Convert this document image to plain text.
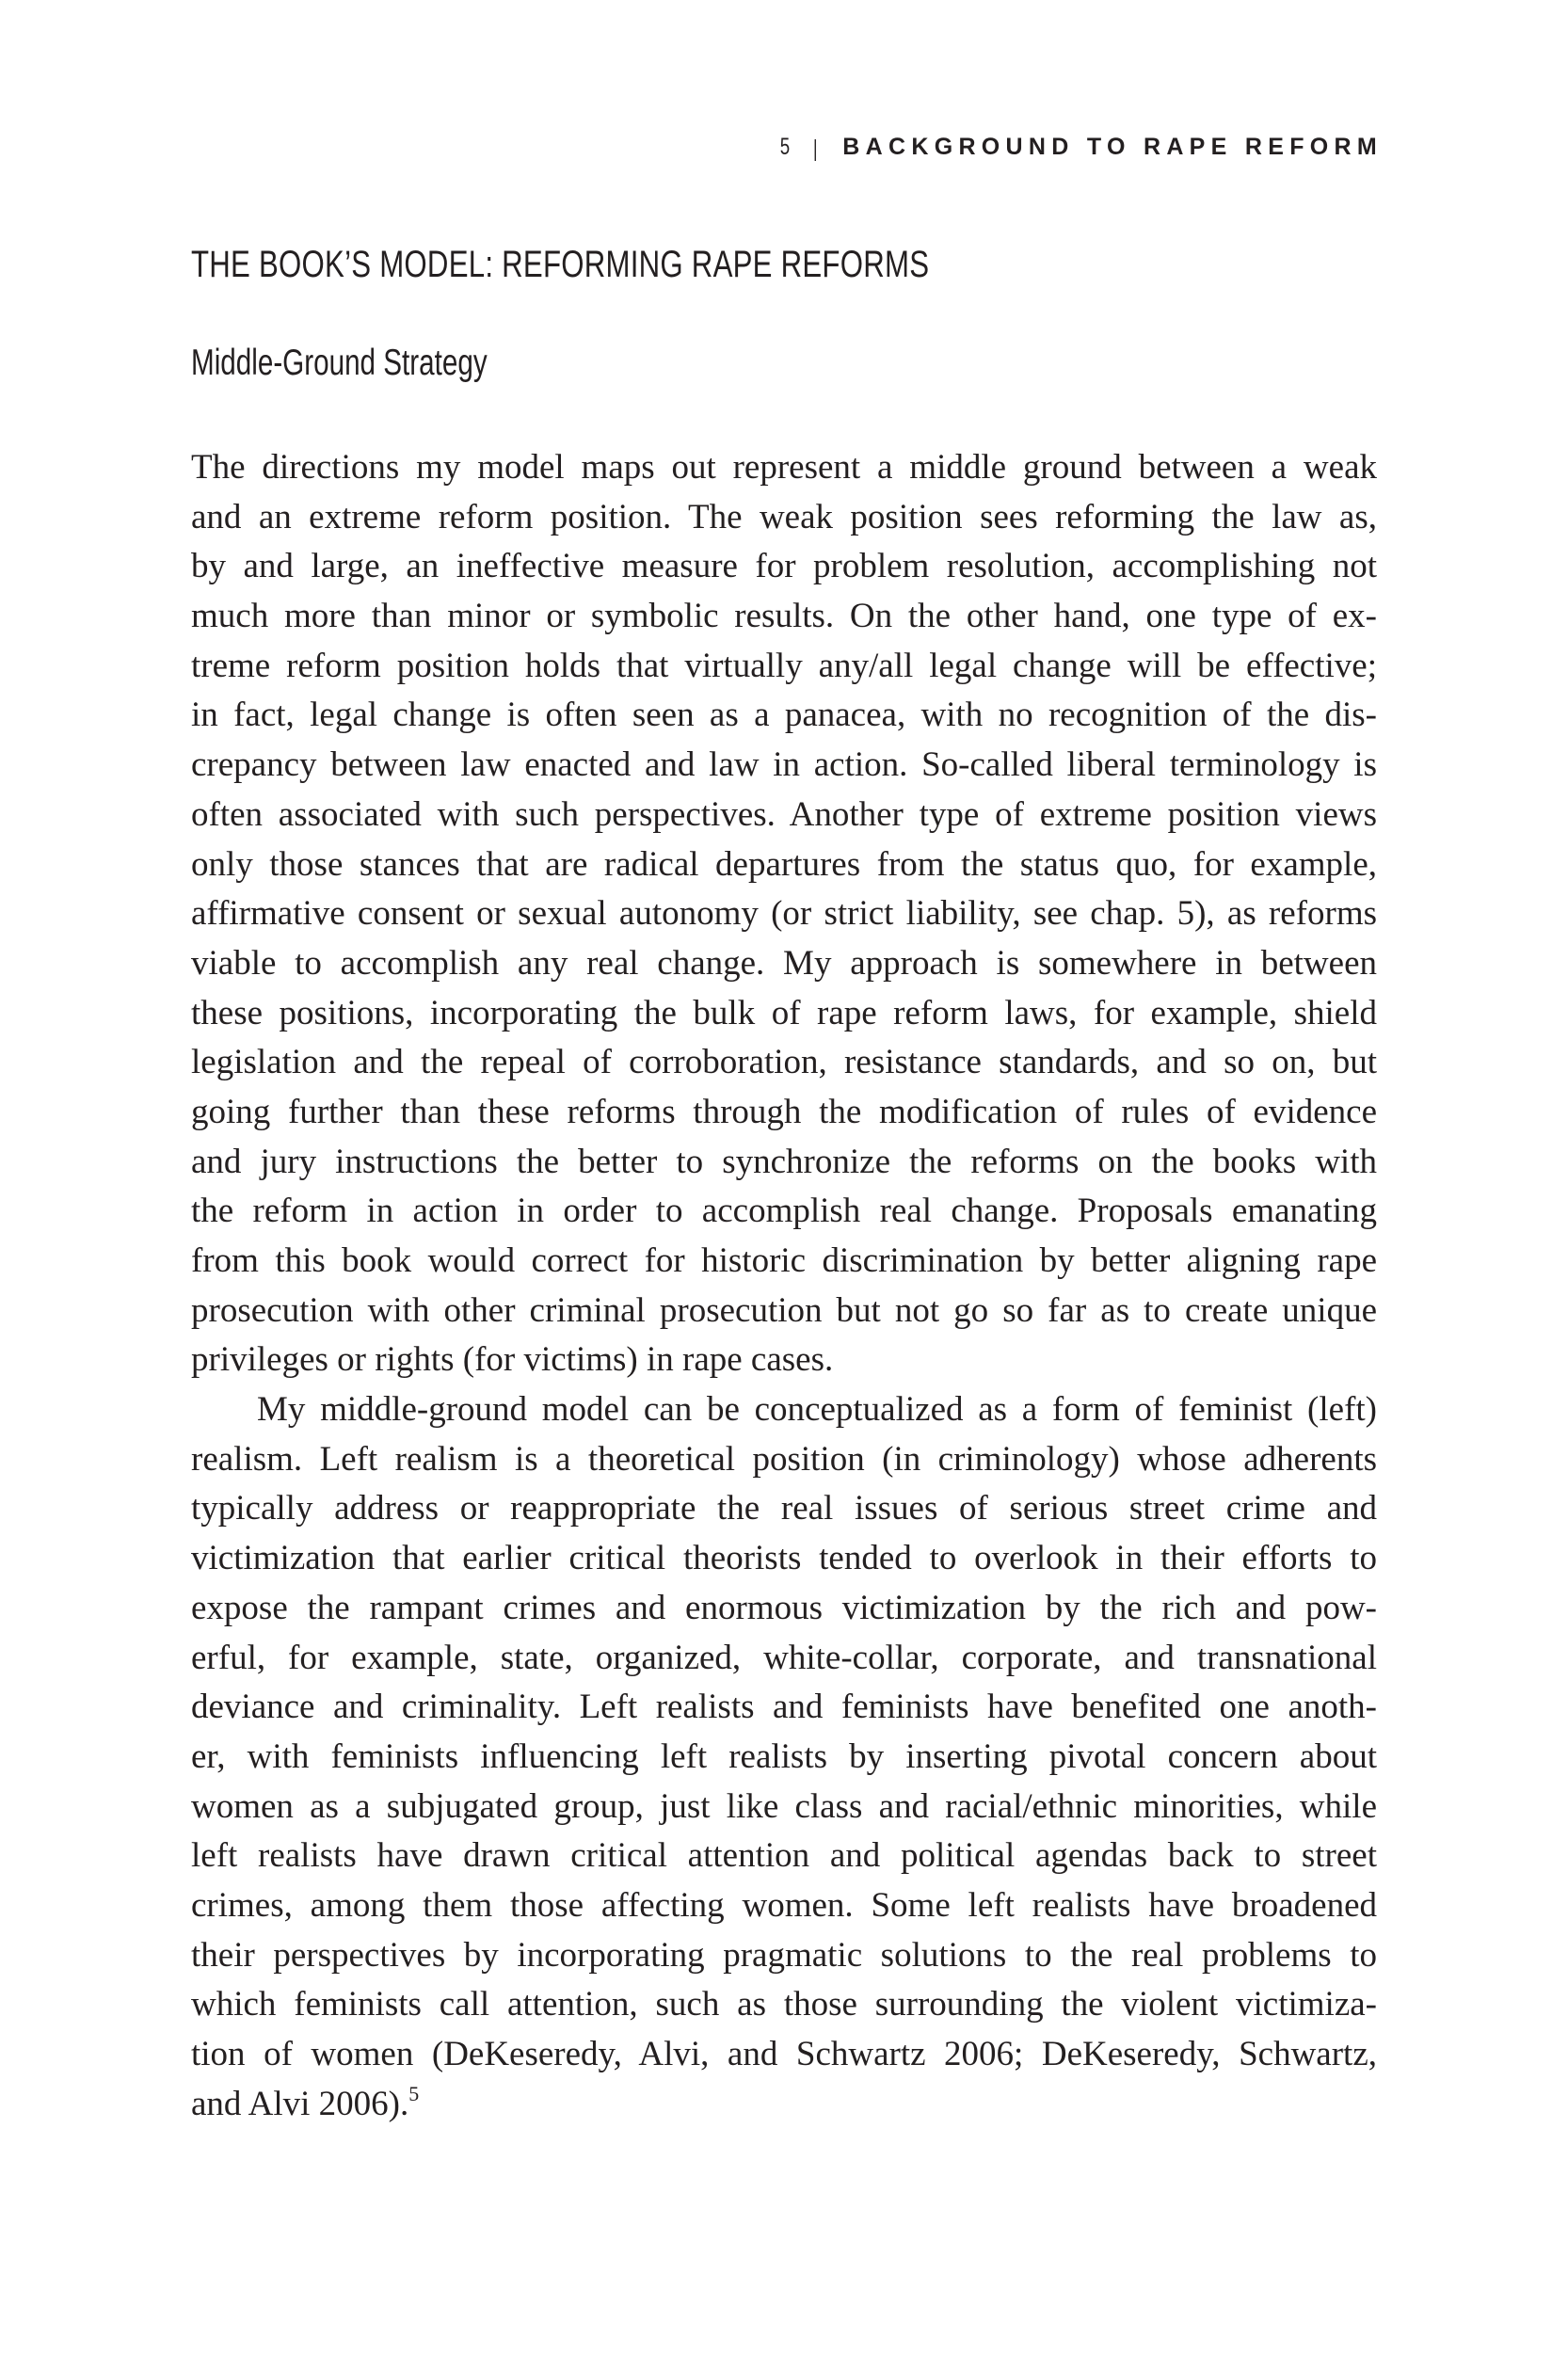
5 | BACKGROUND TO RAPE REFORM
THE BOOK’S MODEL: REFORMING RAPE REFORMS
Middle-Ground Strategy

The directions my model maps out represent a middle ground between a weak
and an extreme reform position. The weak position sees reforming the law as,
by and large, an ineffective measure for problem resolution, accomplishing not
much more than minor or symbolic results. On the other hand, one type of ex-
treme reform position holds that virtually any/all legal change will be effective;
in fact, legal change is often seen as a panacea, with no recognition of the dis-
crepancy between law enacted and law in action. So-called liberal terminology is
often associated with such perspectives. Another type of extreme position views
only those stances that are radical departures from the status quo, for example,
affirmative consent or sexual autonomy (or strict liability, see chap. 5), as reforms
viable to accomplish any real change. My approach is somewhere in between
these positions, incorporating the bulk of rape reform laws, for example, shield
legislation and the repeal of corroboration, resistance standards, and so on, but
going further than these reforms through the modification of rules of evidence
and jury instructions the better to synchronize the reforms on the books with
the reform in action in order to accomplish real change. Proposals emanating
from this book would correct for historic discrimination by better aligning rape
prosecution with other criminal prosecution but not go so far as to create unique
privileges or rights (for victims) in rape cases.

My middle-ground model can be conceptualized as a form of feminist (left)
realism. Left realism is a theoretical position (in criminology) whose adherents
typically address or reappropriate the real issues of serious street crime and
victimization that earlier critical theorists tended to overlook in their efforts to
expose the rampant crimes and enormous victimization by the rich and pow-
erful, for example, state, organized, white-collar, corporate, and transnational
deviance and criminality. Left realists and feminists have benefited one anoth-
er, with feminists influencing left realists by inserting pivotal concern about
women as a subjugated group, just like class and racial/ethnic minorities, while
left realists have drawn critical attention and political agendas back to street
crimes, among them those affecting women. Some left realists have broadened
their perspectives by incorporating pragmatic solutions to the real problems to
which feminists call attention, such as those surrounding the violent victimiza-
tion of women (DeKeseredy, Alvi, and Schwartz 2006; DeKeseredy, Schwartz,
and Alvi 2006).$^5$
